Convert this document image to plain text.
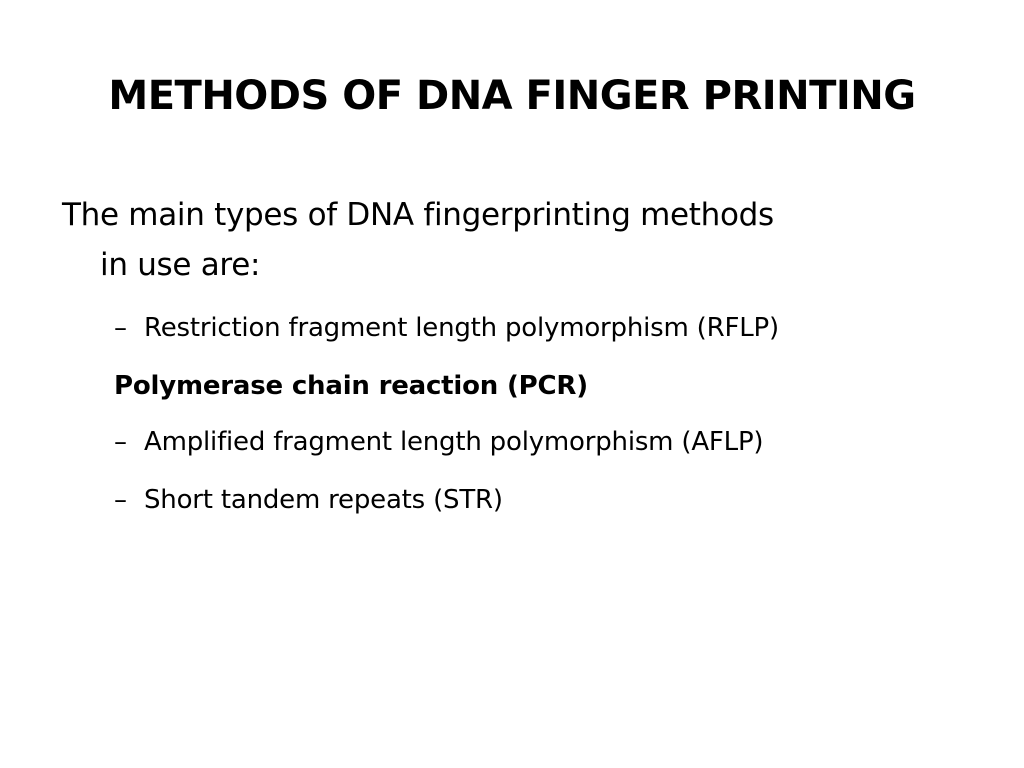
METHODS OF DNA FINGER PRINTING
The main types of DNA fingerprinting methods
in use are:
– Restriction fragment length polymorphism (RFLP)
Polymerase chain reaction (PCR)
– Amplified fragment length polymorphism (AFLP)
– Short tandem repeats (STR)
